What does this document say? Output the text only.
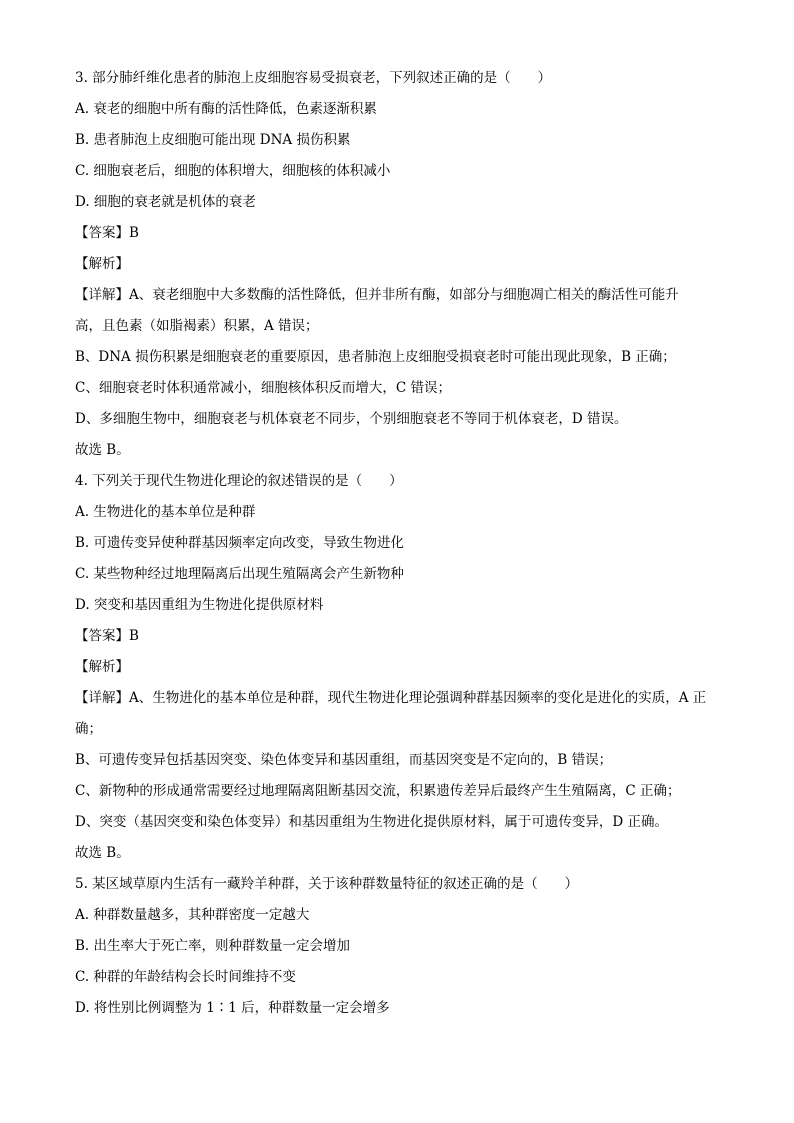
3. 部分肺纤维化患者的肺泡上皮细胞容易受损衰老，下列叙述正确的是（　　）
A. 衰老的细胞中所有酶的活性降低，色素逐渐积累
B. 患者肺泡上皮细胞可能出现 DNA 损伤积累
C. 细胞衰老后，细胞的体积增大，细胞核的体积减小
D. 细胞的衰老就是机体的衰老
【答案】B
【解析】
【详解】A、衰老细胞中大多数酶的活性降低，但并非所有酶，如部分与细胞凋亡相关的酶活性可能升
高，且色素（如脂褐素）积累，A 错误；
B、DNA 损伤积累是细胞衰老的重要原因，患者肺泡上皮细胞受损衰老时可能出现此现象，B 正确；
C、细胞衰老时体积通常减小，细胞核体积反而增大，C 错误；
D、多细胞生物中，细胞衰老与机体衰老不同步，个别细胞衰老不等同于机体衰老，D 错误。
故选 B。
4. 下列关于现代生物进化理论的叙述错误的是（　　）
A. 生物进化的基本单位是种群
B. 可遗传变异使种群基因频率定向改变，导致生物进化
C. 某些物种经过地理隔离后出现生殖隔离会产生新物种
D. 突变和基因重组为生物进化提供原材料
【答案】B
【解析】
【详解】A、生物进化的基本单位是种群，现代生物进化理论强调种群基因频率的变化是进化的实质，A 正
确；
B、可遗传变异包括基因突变、染色体变异和基因重组，而基因突变是不定向的，B 错误；
C、新物种的形成通常需要经过地理隔离阻断基因交流，积累遗传差异后最终产生生殖隔离，C 正确；
D、突变（基因突变和染色体变异）和基因重组为生物进化提供原材料，属于可遗传变异，D 正确。
故选 B。
5. 某区域草原内生活有一藏羚羊种群，关于该种群数量特征的叙述正确的是（　　）
A. 种群数量越多，其种群密度一定越大
B. 出生率大于死亡率，则种群数量一定会增加
C. 种群的年龄结构会长时间维持不变
D. 将性别比例调整为 1∶1 后，种群数量一定会增多
